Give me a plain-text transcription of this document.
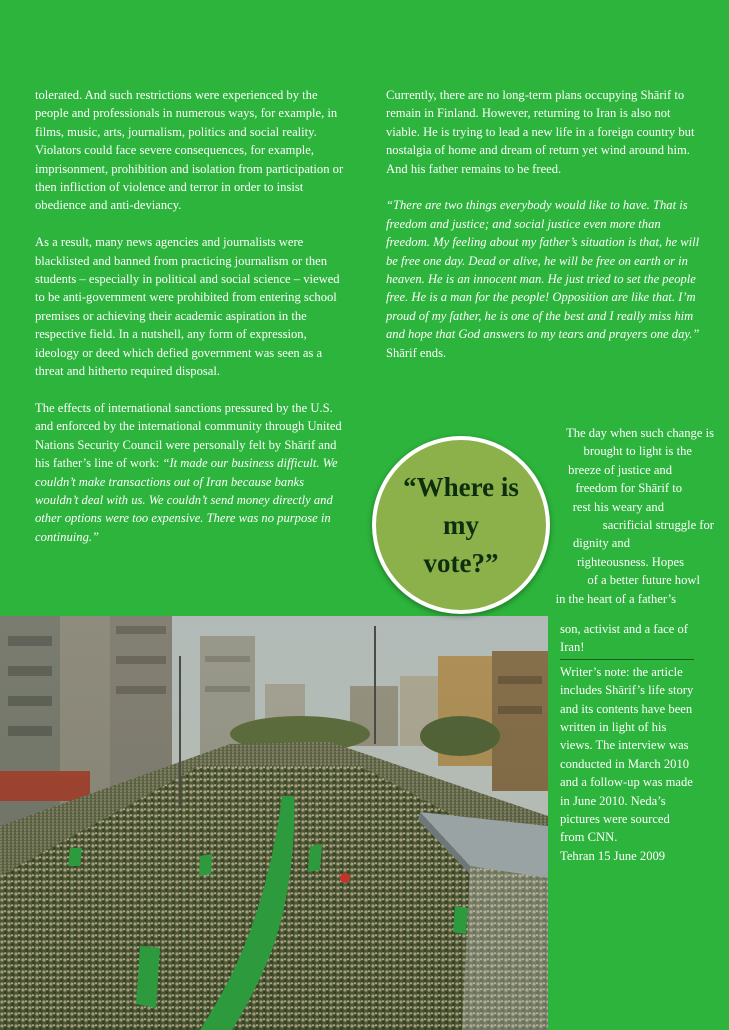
tolerated. And such restrictions were experienced by the people and professionals in numerous ways, for example, in films, music, arts, journalism, politics and social reality. Violators could face severe consequences, for example, imprisonment, prohibition and isolation from participation or then infliction of violence and terror in order to insist obedience and anti-deviancy.

As a result, many news agencies and journalists were blacklisted and banned from practicing journalism or then students – especially in political and social science – viewed to be anti-government were prohibited from entering school premises or achieving their academic aspiration in the respective field. In a nutshell, any form of expression, ideology or deed which defied government was seen as a threat and hitherto required disposal.

The effects of international sanctions pressured by the U.S. and enforced by the international community through United Nations Security Council were personally felt by Shārif and his father’s line of work: “It made our business difficult. We couldn’t make transactions out of Iran because banks wouldn’t deal with us. We couldn’t send money directly and other options were too expensive. There was no purpose in continuing.”

Currently, there are no long-term plans occupying Shārif to remain in Finland. However, returning to Iran is also not viable. He is trying to lead a new life in a foreign country but nostalgia of home and dream of return yet wind around him. And his father remains to be freed.

“There are two things everybody would like to have. That is freedom and justice; and social justice even more than freedom. My feeling about my father’s situation is that, he will be free one day. Dead or alive, he will be free on earth or in heaven. He is an innocent man. He just tried to set the people free. He is a man for the people! Opposition are like that. I’m proud of my father, he is one of the best and I really miss him and hope that God answers to my tears and prayers one day.” Shārif ends.

The day when such change is
brought to light is the
breeze of justice and
freedom for Shārif to
rest his weary and
sacrificial struggle for
dignity and
righteousness. Hopes
of a better future howl
in the heart of a father’s
“Where is
my
vote?”

son, activist and a face of Iran!

Writer’s note: the article includes Shārif’s life story and its contents have been written in light of his views. The interview was conducted in March 2010 and a follow-up was made in June 2010. Neda’s pictures were sourced from CNN.

Tehran 15 June 2009
